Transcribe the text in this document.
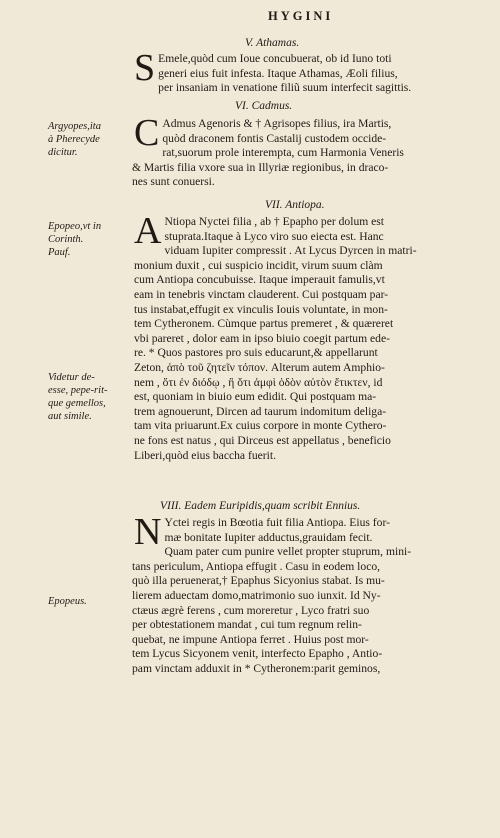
HYGINI
V. Athamas.
S Emele,quòd cum Ioue concubuerat, ob id Iuno toti
generi eius fuit infesta. Itaque Athamas, Æoli filius,
per insaniam in venatione filiũ suum interfecit sagittis.
VI. Cadmus.
C Admus Agenoris & † Agrisopes filius, ira Martis,
quòd draconem fontis Castalij custodem occide-
rat,suorum prole interempta, cum Harmonia Veneris
& Martis filia vxore sua in Illyriæ regionibus, in draco-
nes sunt conuersi.
VII. Antiopa.
A Ntiopa Nyctei filia , ab † Epapho per dolum est
stuprata.Itaque à Lyco viro suo eiecta est. Hanc
viduam Iupiter compressit . At Lycus Dyrcen in matri-
monium duxit , cui suspicio incidit, virum suum clàm
cum Antiopa concubuisse. Itaque imperauit famulis,vt
eam in tenebris vinctam clauderent. Cui postquam par-
tus instabat,effugit ex vinculis Iouis voluntate, in mon-
tem Cytheronem. Cùmque partus premeret , & quæreret
vbi pareret , dolor eam in ipso biuio coegit partum ede-
re. * Quos pastores pro suis educarunt,& appellarunt
Zeton, ἀπὸ τοῦ ζητεῖν τόπον. Alterum autem Amphio-
nem , ὅτι ἐν διόδῳ , ἢ ὅτι ἀμφὶ ὁδὸν αὐτὸν ἔτικτεν, id
est, quoniam in biuio eum edidit. Qui postquam ma-
trem agnouerunt, Dircen ad taurum indomitum deliga-
tam vita priuarunt.Ex cuius corpore in monte Cythero-
ne fons est natus , qui Dirceus est appellatus , beneficio
Liberi,quòd eius baccha fuerit.
VIII. Eadem Euripidis,quam scribit Ennius.
N Yctei regis in Bœotia fuit filia Antiopa. Eius for-
mæ bonitate Iupiter adductus,grauidam fecit.
Quam pater cum punire vellet propter stuprum, mini-
tans periculum, Antiopa effugit . Casu in eodem loco,
quò illa peruenerat,† Epaphus Sicyonius stabat. Is mu-
lierem aduectam domo,matrimonio suo iunxit. Id Ny-
ctæus ægrè ferens , cum moreretur , Lyco fratri suo
per obtestationem mandat , cui tum regnum relin-
quebat, ne impune Antiopa ferret . Huius post mor-
tem Lycus Sicyonem venit, interfecto Epapho , Antio-
pam vinctam adduxit in * Cytheronem:parit geminos,
Argyopes,ita
à Pherecyde
dicitur.
Epopeo,vt in
Corinth.
Pauf.
Videtur de-
esse, pepe-rit-
que gemellos,
aut simile.
Epopeus.
